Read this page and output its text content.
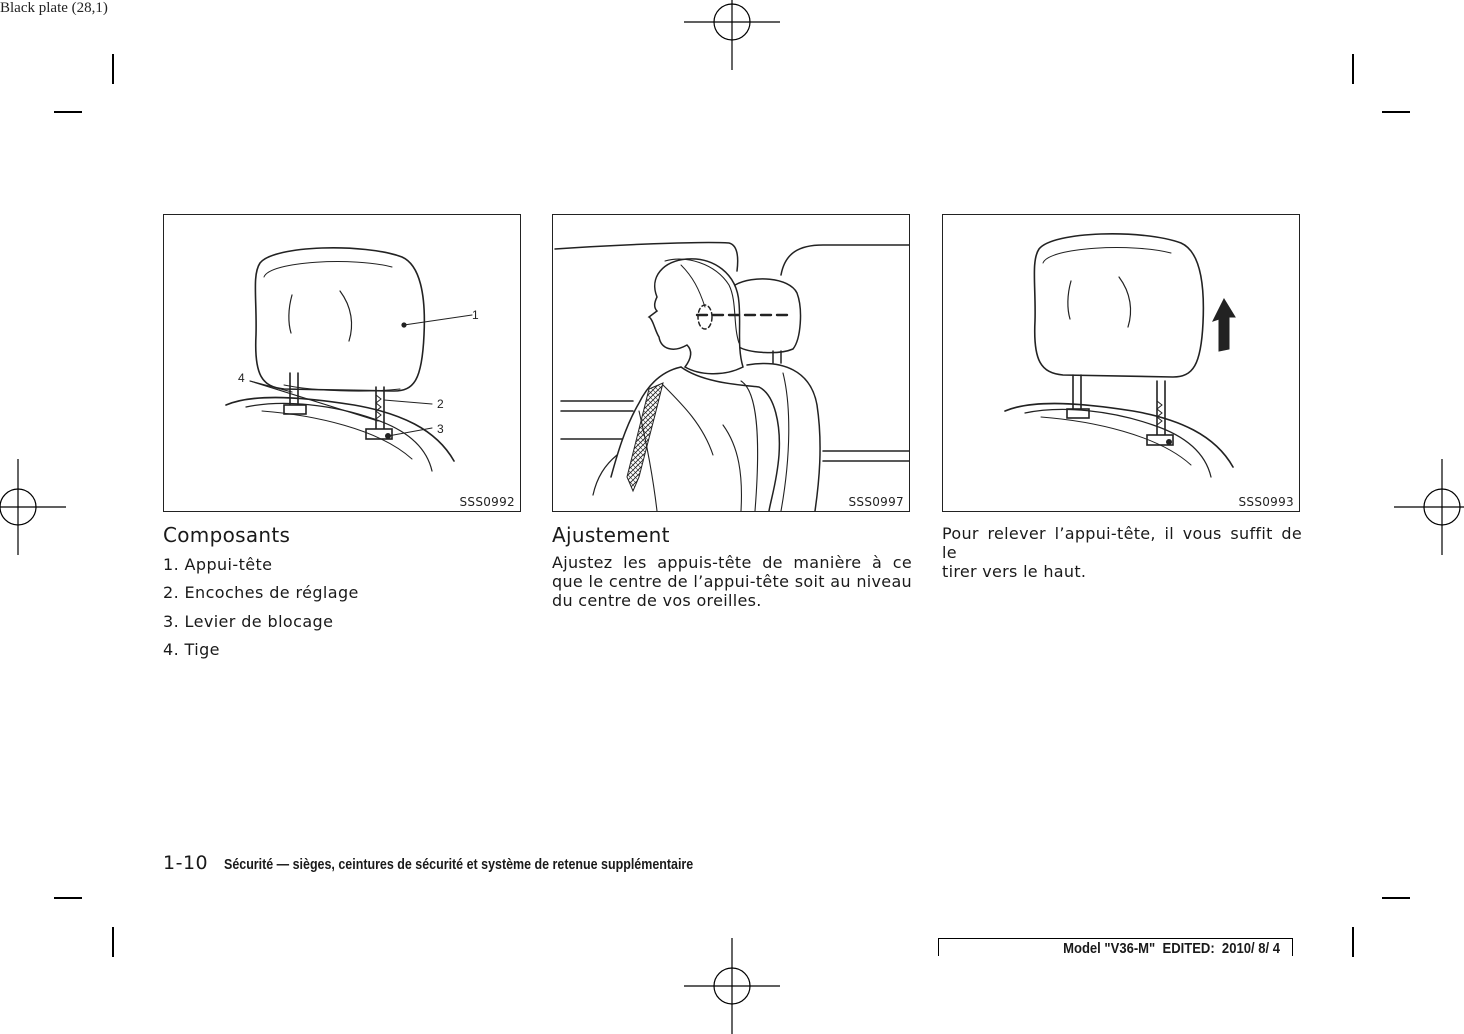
Black plate (28,1)
1
2
3
4
SSS0992	SSS0997	SSS0993
Composants
1. Appui-tête
2. Encoches de réglage
3. Levier de blocage
4. Tige
Ajustement
Ajustez les appuis-tête de manière à ce
que le centre de l’appui-tête soit au niveau
du centre de vos oreilles.
Pour relever l’appui-tête, il vous suffit de le
tirer vers le haut.
1-10 Sécurité — sièges, ceintures de sécurité et système de retenue supplémentaire
Model "V36-M"  EDITED:  2010/ 8/ 4
